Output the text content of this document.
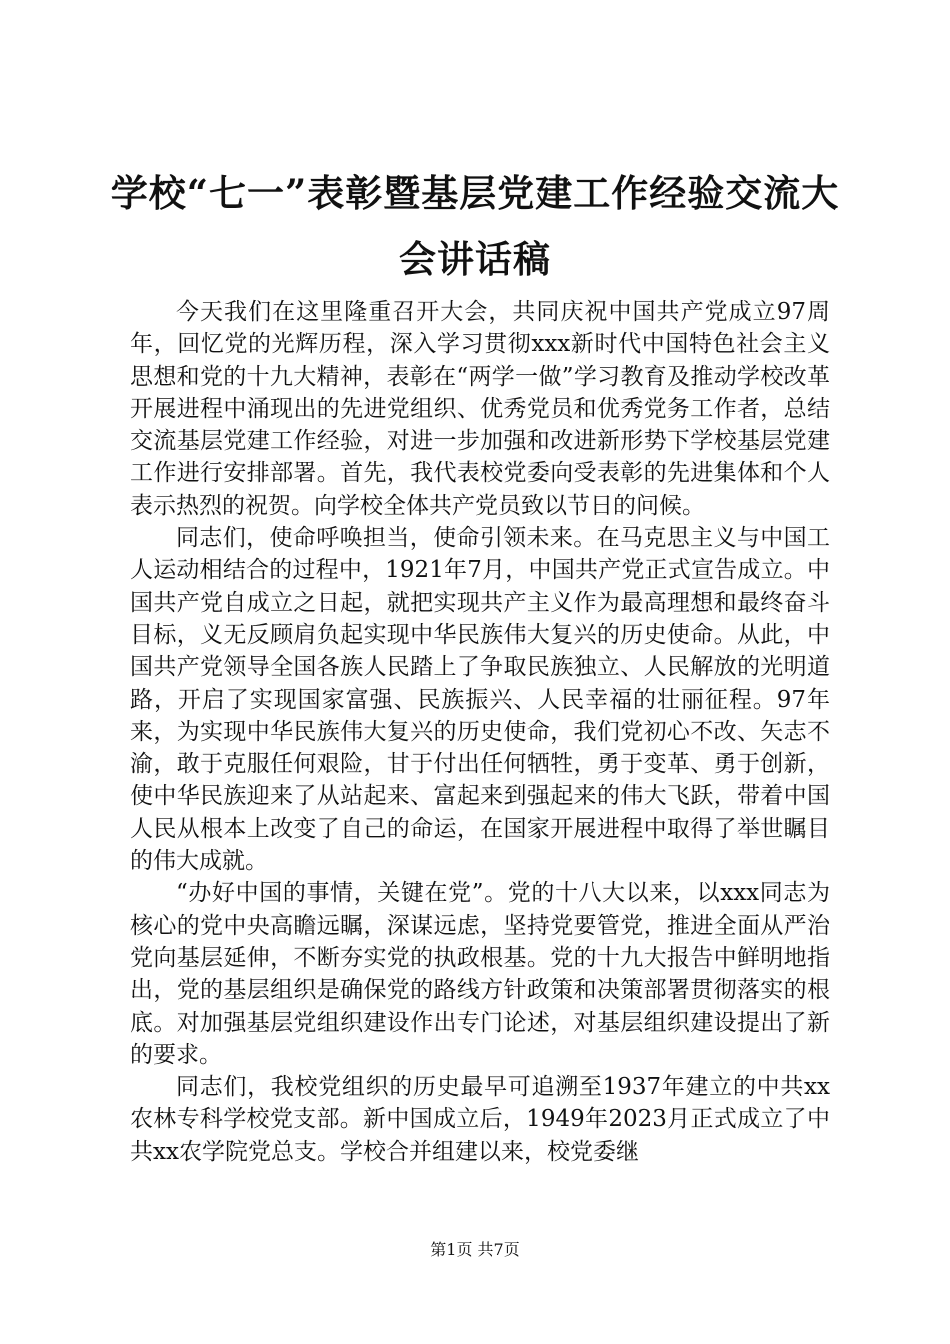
学校“七一”表彰暨基层党建工作经验交流大
会讲话稿

今天我们在这里隆重召开大会，共同庆祝中国共产党成立97周年，回忆党的光辉历程，深入学习贯彻xxx新时代中国特色社会主义思想和党的十九大精神，表彰在“两学一做”学习教育及推动学校改革开展进程中涌现出的先进党组织、优秀党员和优秀党务工作者，总结交流基层党建工作经验，对进一步加强和改进新形势下学校基层党建工作进行安排部署。首先，我代表校党委向受表彰的先进集体和个人表示热烈的祝贺。向学校全体共产党员致以节日的问候。

同志们，使命呼唤担当，使命引领未来。在马克思主义与中国工人运动相结合的过程中，1921年7月，中国共产党正式宣告成立。中国共产党自成立之日起，就把实现共产主义作为最高理想和最终奋斗目标，义无反顾肩负起实现中华民族伟大复兴的历史使命。从此，中国共产党领导全国各族人民踏上了争取民族独立、人民解放的光明道路，开启了实现国家富强、民族振兴、人民幸福的壮丽征程。97年来，为实现中华民族伟大复兴的历史使命，我们党初心不改、矢志不渝，敢于克服任何艰险，甘于付出任何牺牲，勇于变革、勇于创新，使中华民族迎来了从站起来、富起来到强起来的伟大飞跃，带着中国人民从根本上改变了自己的命运，在国家开展进程中取得了举世瞩目的伟大成就。

“办好中国的事情，关键在党”。党的十八大以来，以xxx同志为核心的党中央高瞻远瞩，深谋远虑，坚持党要管党，推进全面从严治党向基层延伸，不断夯实党的执政根基。党的十九大报告中鲜明地指出，党的基层组织是确保党的路线方针政策和决策部署贯彻落实的根底。对加强基层党组织建设作出专门论述，对基层组织建设提出了新的要求。

同志们，我校党组织的历史最早可追溯至1937年建立的中共xx农林专科学校党支部。新中国成立后，1949年2023月正式成立了中共xx农学院党总支。学校合并组建以来，校党委继

第1页 共7页
